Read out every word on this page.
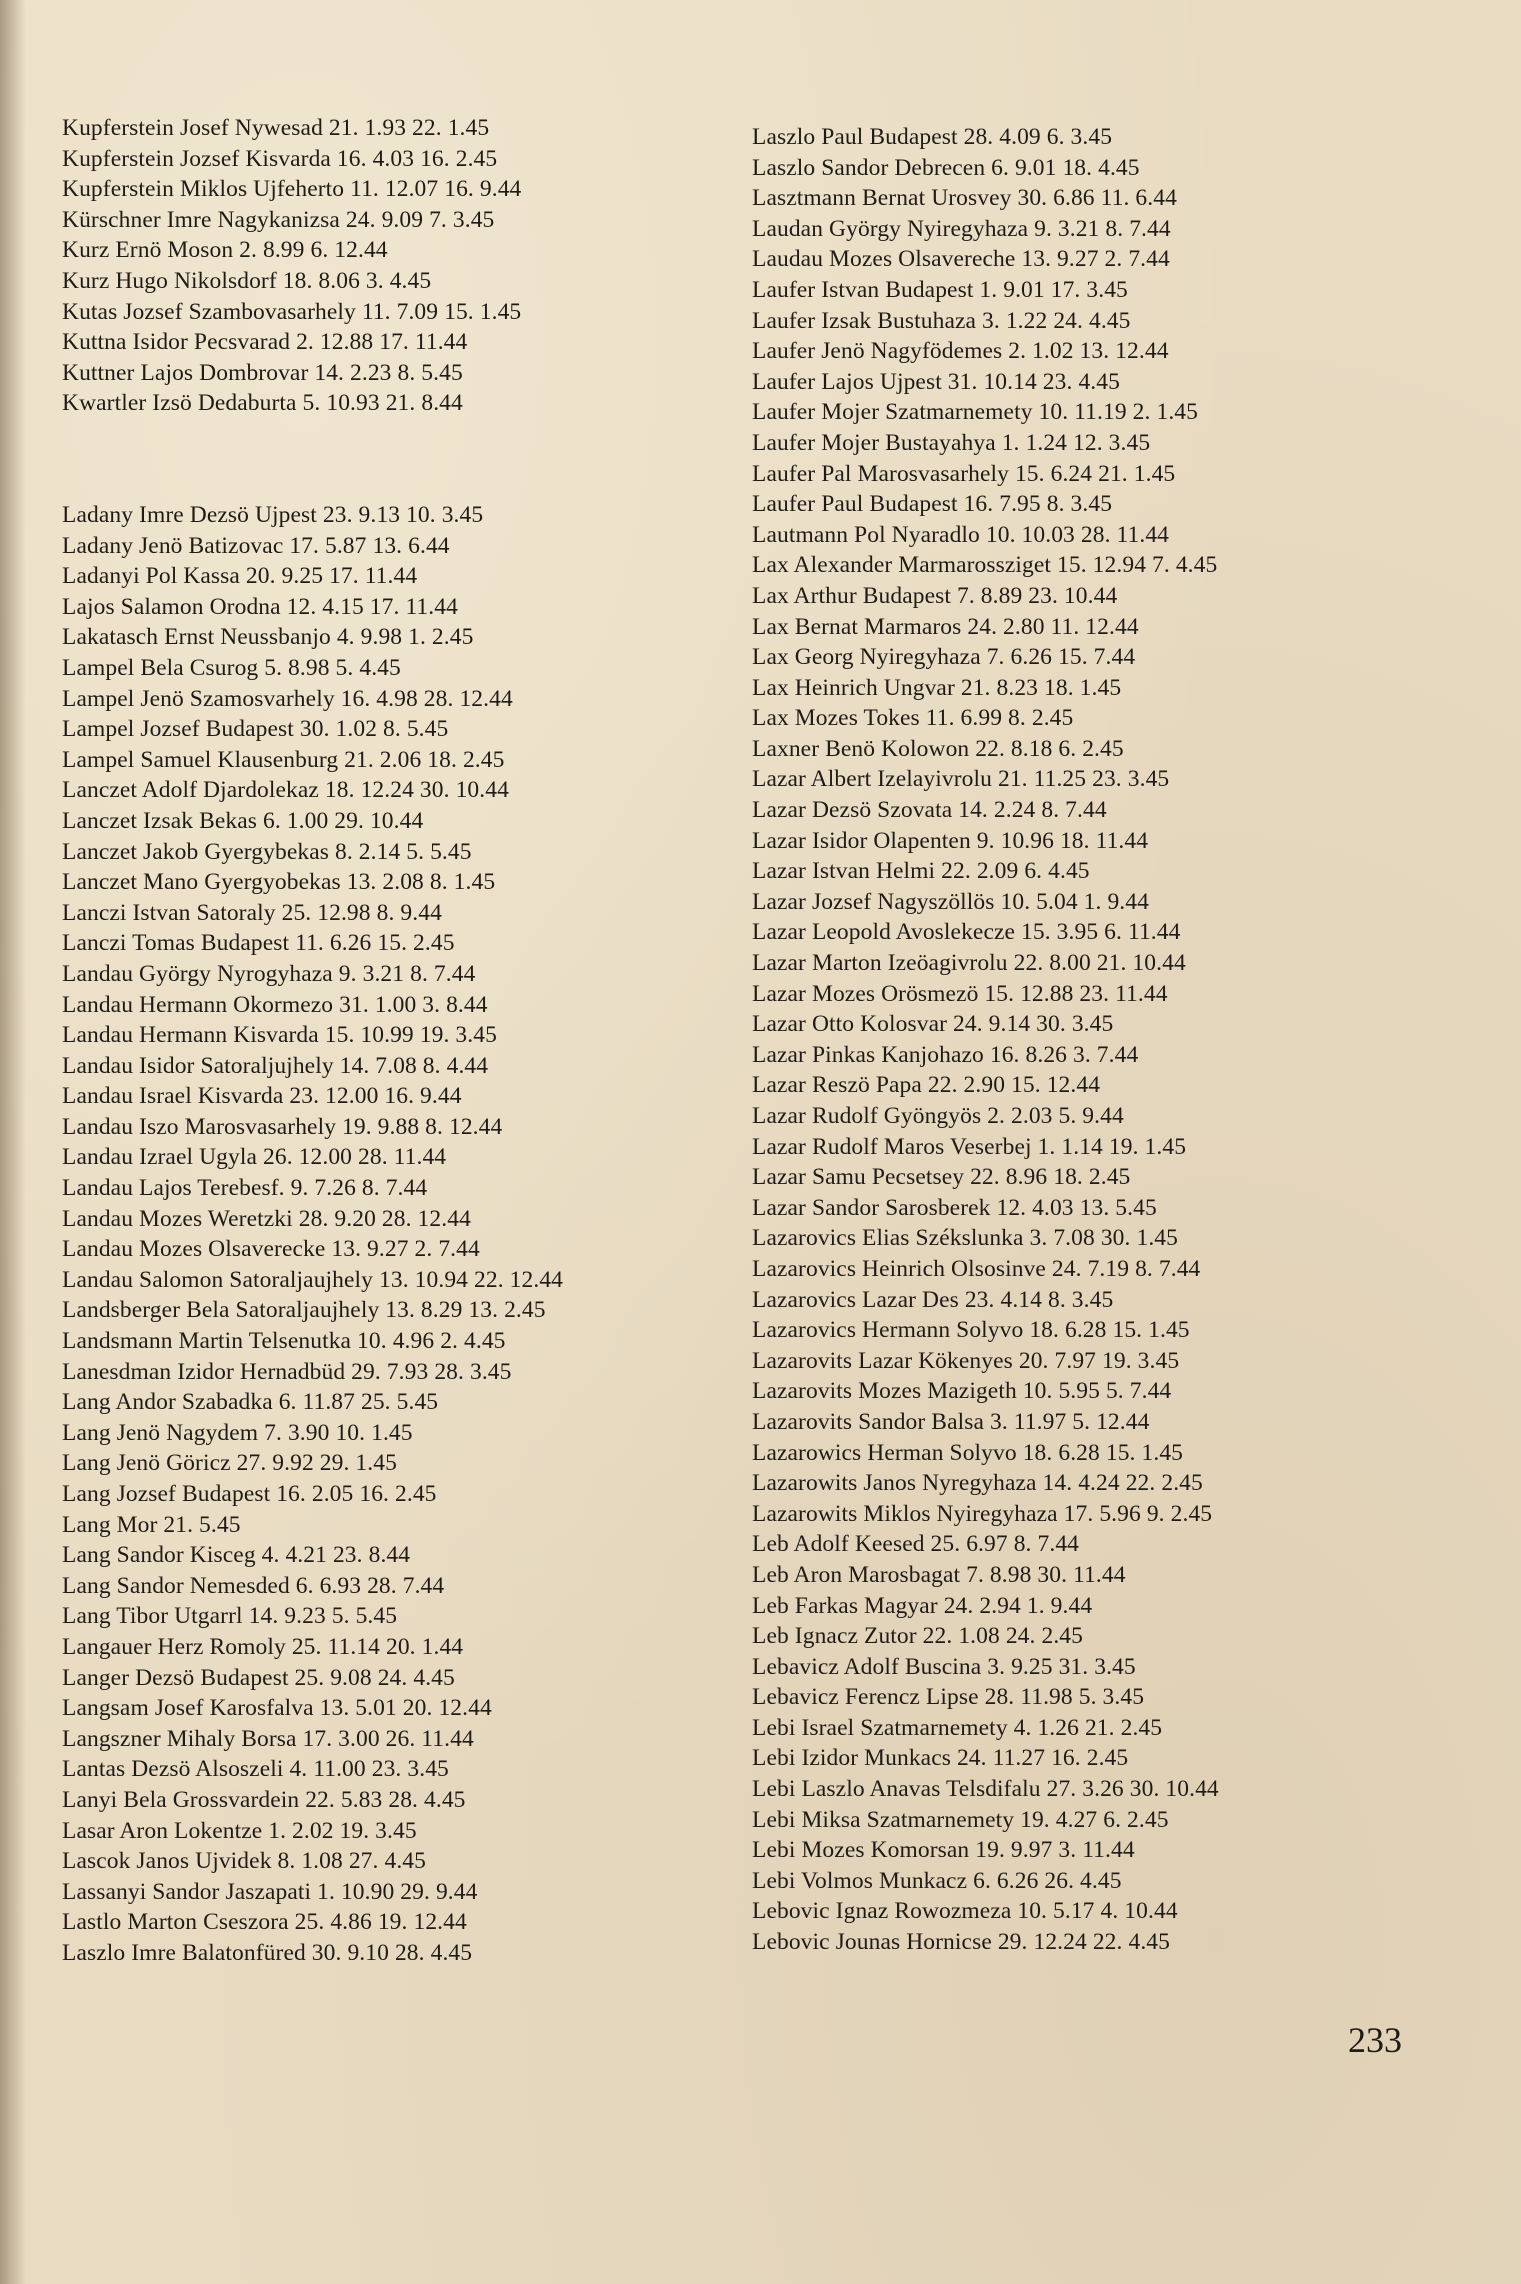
Kupferstein Josef Nywesad 21. 1.93 22. 1.45
Kupferstein Jozsef Kisvarda 16. 4.03 16. 2.45
Kupferstein Miklos Ujfeherto 11. 12.07 16. 9.44
Kürschner Imre Nagykanizsa 24. 9.09 7. 3.45
Kurz Ernö Moson 2. 8.99 6. 12.44
Kurz Hugo Nikolsdorf 18. 8.06 3. 4.45
Kutas Jozsef Szambovasarhely 11. 7.09 15. 1.45
Kuttna Isidor Pecsvarad 2. 12.88 17. 11.44
Kuttner Lajos Dombrovar 14. 2.23 8. 5.45
Kwartler Izsö Dedaburta 5. 10.93 21. 8.44
Ladany Imre Dezsö Ujpest 23. 9.13 10. 3.45
Ladany Jenö Batizovac 17. 5.87 13. 6.44
Ladanyi Pol Kassa 20. 9.25 17. 11.44
Lajos Salamon Orodna 12. 4.15 17. 11.44
Lakatasch Ernst Neussbanjo 4. 9.98 1. 2.45
Lampel Bela Csurog 5. 8.98 5. 4.45
Lampel Jenö Szamosvarhely 16. 4.98 28. 12.44
Lampel Jozsef Budapest 30. 1.02 8. 5.45
Lampel Samuel Klausenburg 21. 2.06 18. 2.45
Lanczet Adolf Djardolekaz 18. 12.24 30. 10.44
Lanczet Izsak Bekas 6. 1.00 29. 10.44
Lanczet Jakob Gyergybekas 8. 2.14 5. 5.45
Lanczet Mano Gyergyobekas 13. 2.08 8. 1.45
Lanczi Istvan Satoraly 25. 12.98 8. 9.44
Lanczi Tomas Budapest 11. 6.26 15. 2.45
Landau György Nyrogyhaza 9. 3.21 8. 7.44
Landau Hermann Okormezo 31. 1.00 3. 8.44
Landau Hermann Kisvarda 15. 10.99 19. 3.45
Landau Isidor Satoraljujhely 14. 7.08 8. 4.44
Landau Israel Kisvarda 23. 12.00 16. 9.44
Landau Iszo Marosvasarhely 19. 9.88 8. 12.44
Landau Izrael Ugyla 26. 12.00 28. 11.44
Landau Lajos Terebesf. 9. 7.26 8. 7.44
Landau Mozes Weretzki 28. 9.20 28. 12.44
Landau Mozes Olsaverecke 13. 9.27 2. 7.44
Landau Salomon Satoraljaujhely 13. 10.94 22. 12.44
Landsberger Bela Satoraljaujhely 13. 8.29 13. 2.45
Landsmann Martin Telsenutka 10. 4.96 2. 4.45
Lanesdman Izidor Hernadbüd 29. 7.93 28. 3.45
Lang Andor Szabadka 6. 11.87 25. 5.45
Lang Jenö Nagydem 7. 3.90 10. 1.45
Lang Jenö Göricz 27. 9.92 29. 1.45
Lang Jozsef Budapest 16. 2.05 16. 2.45
Lang Mor 21. 5.45
Lang Sandor Kisceg 4. 4.21 23. 8.44
Lang Sandor Nemesded 6. 6.93 28. 7.44
Lang Tibor Utgarrl 14. 9.23 5. 5.45
Langauer Herz Romoly 25. 11.14 20. 1.44
Langer Dezsö Budapest 25. 9.08 24. 4.45
Langsam Josef Karosfalva 13. 5.01 20. 12.44
Langszner Mihaly Borsa 17. 3.00 26. 11.44
Lantas Dezsö Alsoszeli 4. 11.00 23. 3.45
Lanyi Bela Grossvardein 22. 5.83 28. 4.45
Lasar Aron Lokentze 1. 2.02 19. 3.45
Lascok Janos Ujvidek 8. 1.08 27. 4.45
Lassanyi Sandor Jaszapati 1. 10.90 29. 9.44
Lastlo Marton Cseszora 25. 4.86 19. 12.44
Laszlo Imre Balatonfüred 30. 9.10 28. 4.45
Laszlo Paul Budapest 28. 4.09 6. 3.45
Laszlo Sandor Debrecen 6. 9.01 18. 4.45
Lasztmann Bernat Urosvey 30. 6.86 11. 6.44
Laudan György Nyiregyhaza 9. 3.21 8. 7.44
Laudau Mozes Olsavereche 13. 9.27 2. 7.44
Laufer Istvan Budapest 1. 9.01 17. 3.45
Laufer Izsak Bustuhaza 3. 1.22 24. 4.45
Laufer Jenö Nagyfödemes 2. 1.02 13. 12.44
Laufer Lajos Ujpest 31. 10.14 23. 4.45
Laufer Mojer Szatmarnemety 10. 11.19 2. 1.45
Laufer Mojer Bustayahya 1. 1.24 12. 3.45
Laufer Pal Marosvasarhely 15. 6.24 21. 1.45
Laufer Paul Budapest 16. 7.95 8. 3.45
Lautmann Pol Nyaradlo 10. 10.03 28. 11.44
Lax Alexander Marmarossziget 15. 12.94 7. 4.45
Lax Arthur Budapest 7. 8.89 23. 10.44
Lax Bernat Marmaros 24. 2.80 11. 12.44
Lax Georg Nyiregyhaza 7. 6.26 15. 7.44
Lax Heinrich Ungvar 21. 8.23 18. 1.45
Lax Mozes Tokes 11. 6.99 8. 2.45
Laxner Benö Kolowon 22. 8.18 6. 2.45
Lazar Albert Izelayivrolu 21. 11.25 23. 3.45
Lazar Dezsö Szovata 14. 2.24 8. 7.44
Lazar Isidor Olapenten 9. 10.96 18. 11.44
Lazar Istvan Helmi 22. 2.09 6. 4.45
Lazar Jozsef Nagyszöllös 10. 5.04 1. 9.44
Lazar Leopold Avoslekecze 15. 3.95 6. 11.44
Lazar Marton Izeöagivrolu 22. 8.00 21. 10.44
Lazar Mozes Orösmezö 15. 12.88 23. 11.44
Lazar Otto Kolosvar 24. 9.14 30. 3.45
Lazar Pinkas Kanjohazo 16. 8.26 3. 7.44
Lazar Reszö Papa 22. 2.90 15. 12.44
Lazar Rudolf Gyöngyös 2. 2.03 5. 9.44
Lazar Rudolf Maros Veserbej 1. 1.14 19. 1.45
Lazar Samu Pecsetsey 22. 8.96 18. 2.45
Lazar Sandor Sarosberek 12. 4.03 13. 5.45
Lazarovics Elias Székslunka 3. 7.08 30. 1.45
Lazarovics Heinrich Olsosinve 24. 7.19 8. 7.44
Lazarovics Lazar Des 23. 4.14 8. 3.45
Lazarovics Hermann Solyvo 18. 6.28 15. 1.45
Lazarovits Lazar Kökenyes 20. 7.97 19. 3.45
Lazarovits Mozes Mazigeth 10. 5.95 5. 7.44
Lazarovits Sandor Balsa 3. 11.97 5. 12.44
Lazarowics Herman Solyvo 18. 6.28 15. 1.45
Lazarowits Janos Nyregyhaza 14. 4.24 22. 2.45
Lazarowits Miklos Nyiregyhaza 17. 5.96 9. 2.45
Leb Adolf Keesed 25. 6.97 8. 7.44
Leb Aron Marosbagat 7. 8.98 30. 11.44
Leb Farkas Magyar 24. 2.94 1. 9.44
Leb Ignacz Zutor 22. 1.08 24. 2.45
Lebavicz Adolf Buscina 3. 9.25 31. 3.45
Lebavicz Ferencz Lipse 28. 11.98 5. 3.45
Lebi Israel Szatmarnemety 4. 1.26 21. 2.45
Lebi Izidor Munkacs 24. 11.27 16. 2.45
Lebi Laszlo Anavas Telsdifalu 27. 3.26 30. 10.44
Lebi Miksa Szatmarnemety 19. 4.27 6. 2.45
Lebi Mozes Komorsan 19. 9.97 3. 11.44
Lebi Volmos Munkacz 6. 6.26 26. 4.45
Lebovic Ignaz Rowozmeza 10. 5.17 4. 10.44
Lebovic Jounas Hornicse 29. 12.24 22. 4.45
233
